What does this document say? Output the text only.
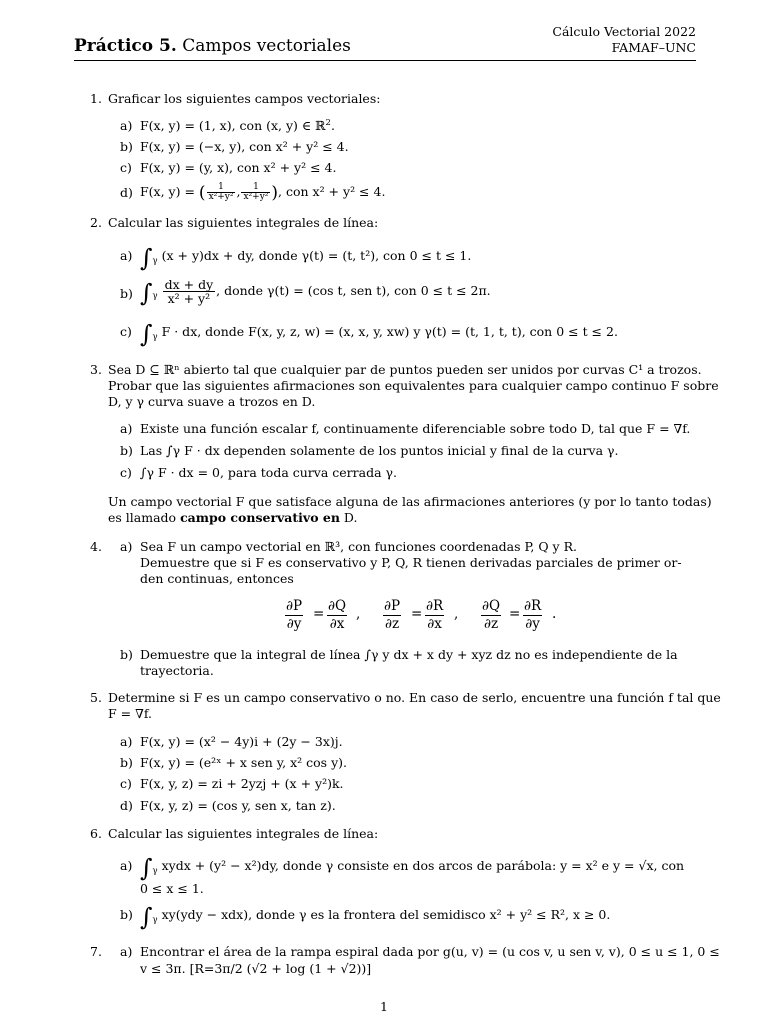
Práctico 5. Campos vectoriales
Cálculo Vectorial 2022
FAMAF–UNC
1. Graficar los siguientes campos vectoriales:
a) F(x, y) = (1, x), con (x, y) ∈ ℝ$^2$.
b) F(x, y) = (−x, y), con x² + y² ≤ 4.
c) F(x, y) = (y, x), con x² + y² ≤ 4.
d) F(x, y) = ( $\frac{1}{\text{x²+y²}}$ , $\frac{1}{\text{x²+y²}}$ ), con x² + y² ≤ 4.
2. Calcular las siguientes integrales de línea:
a) $\int_\gamma$ (x + y)dx + dy, donde γ(t) = (t, t²), con 0 ≤ t ≤ 1.
b) $\int_\gamma \frac{dx + dy}{\text{x² + y²}}$ , donde γ(t) = (cos t, sen t), con 0 ≤ t ≤ 2π.
c) $\int_\gamma$ F · dx, donde F(x, y, z, w) = (x, x, y, xw) y γ(t) = (t, 1, t, t), con 0 ≤ t ≤ 2.
3. Sea D ⊆ ℝⁿ abierto tal que cualquier par de puntos pueden ser unidos por curvas C¹ a trozos.
Probar que las siguientes afirmaciones son equivalentes para cualquier campo continuo F sobre
D, y γ curva suave a trozos en D.
a) Existe una función escalar f, continuamente diferenciable sobre todo D, tal que F = ∇f.
b) Las ∫γ F · dx dependen solamente de los puntos inicial y final de la curva γ.
c) ∫γ F · dx = 0, para toda curva cerrada γ.
Un campo vectorial F que satisface alguna de las afirmaciones anteriores (y por lo tanto todas)
es llamado campo conservativo en D.
4. a) Sea F un campo vectorial en ℝ³, con funciones coordenadas P, Q y R.
Demuestre que si F es conservativo y P, Q, R tienen derivadas parciales de primer or-
den continuas, entonces
∂P
∂y
= ∂Q
∂x
, ∂P
∂z
= ∂R
∂x
, ∂Q
∂z
= ∂R
∂y
.
b) Demuestre que la integral de línea ∫γ y dx + x dy + xyz dz no es independiente de la
trayectoria.
5. Determine si F es un campo conservativo o no. En caso de serlo, encuentre una función f tal que
F = ∇f.
a) F(x, y) = (x² − 4y)i + (2y − 3x)j.
b) F(x, y) = (e²ˣ + x sen y, x² cos y).
c) F(x, y, z) = zi + 2yzj + (x + y²)k.
d) F(x, y, z) = (cos y, sen x, tan z).
6. Calcular las siguientes integrales de línea:
a) $\int_\gamma$ xydx + (y² − x²)dy, donde γ consiste en dos arcos de parábola: y = x² e y = √x, con
0 ≤ x ≤ 1.
b) $\int_\gamma$ xy(ydy − xdx), donde γ es la frontera del semidisco x² + y² ≤ R², x ≥ 0.
7. a) Encontrar el área de la rampa espiral dada por g(u, v) = (u cos v, u sen v, v), 0 ≤ u ≤ 1, 0 ≤
v ≤ 3π. [R=3π/2 (√2 + log (1 + √2))]
1
